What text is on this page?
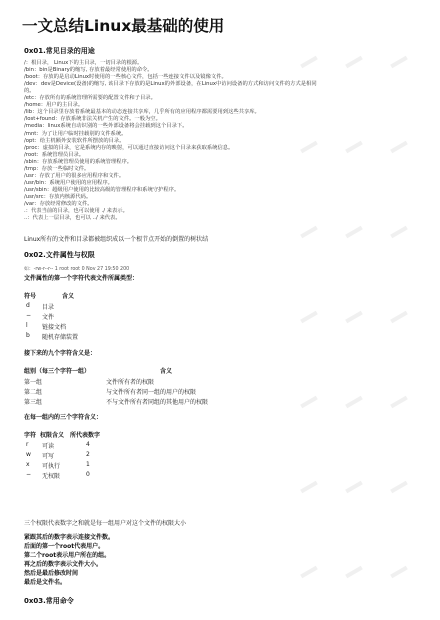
一文总结Linux最基础的使用
0x01.常见目录的用途
/：根目录， Linux下的主目录，一切目录的根源。
/bin：bin是Binary的缩写, 存放着最经常使用的命令。
/boot：存放的是启动Linux时使用的一些核心文件，包括一些连接文件以及镜像文件。
/dev：dev是Device(设备)的缩写, 该目录下存放的是Linux的外部设备，在Linux中访问设备的方式和访问文件的方式是相同
的。
/etc：存放所有的系统管理所需要的配置文件和子目录。
/home：用户的主目录。
/lib：这个目录里存放着系统最基本的动态连接共享库，几乎所有的应用程序都需要用到这些共享库。
/lost+found：存放系统非法关机产生的文件。一般为空。
/media：linux系统自动识别的一些外部设备将会挂载到这个目录下。
/mnt：为了让用户临时挂载别的文件系统。
/opt：给主机额外安装软件所摆放的目录。
/proc：虚拟的目录，它是系统内存的映射，可以通过直接访问这个目录来获取系统信息。
/root：系统管理员目录。
/sbin：存放系统管理员使用的系统管理程序。
/tmp：存放一些临时文件。
/usr：存放了用户的很多应用程序和文件。
/usr/bin：系统用户使用的应用程序。
/usr/sbin：超级用户使用的比较高级的管理程序和系统守护程序。
/usr/src：存放内核源代码。
/var：存放经常修改的文件。
.：代表当前的目录，也可以使用 ./ 来表示。
..：代表上一层目录，也可以 ../ 来代表。
Linux所有的文件和目录都被组织成以一个根节点开始的倒置的树状结
0x02.文件属性与权限
如：-rw-r--r-- 1 root root 0 Nov 27 19:50 200
文件属性的第一个字符代表文件所属类型：
符号	含义
d 目录
− 文件
l 链接文档
b 随机存储装置
接下来的九个字符含义是：
组别（每三个字符一组）	含义
第一组	文件所有者的权限
第二组	与文件所有者同一组的用户的权限
第三组	不与文件所有者同组的其他用户的权限
在每一组内的三个字符含义：
字符 权限含义 所代表数字
r 可读	4
w 可写	2
x 可执行	1
− 无权限	0
三个权限代表数字之和就是每一组用户对这个文件的权限大小
紧跟其后的数字表示连接文件数。
后面的第一个root代表用户。
第二个root表示用户所在的组。
再之后的数字表示文件大小。
然后是最后修改时间
最后是文件名。
0x03.常用命令
